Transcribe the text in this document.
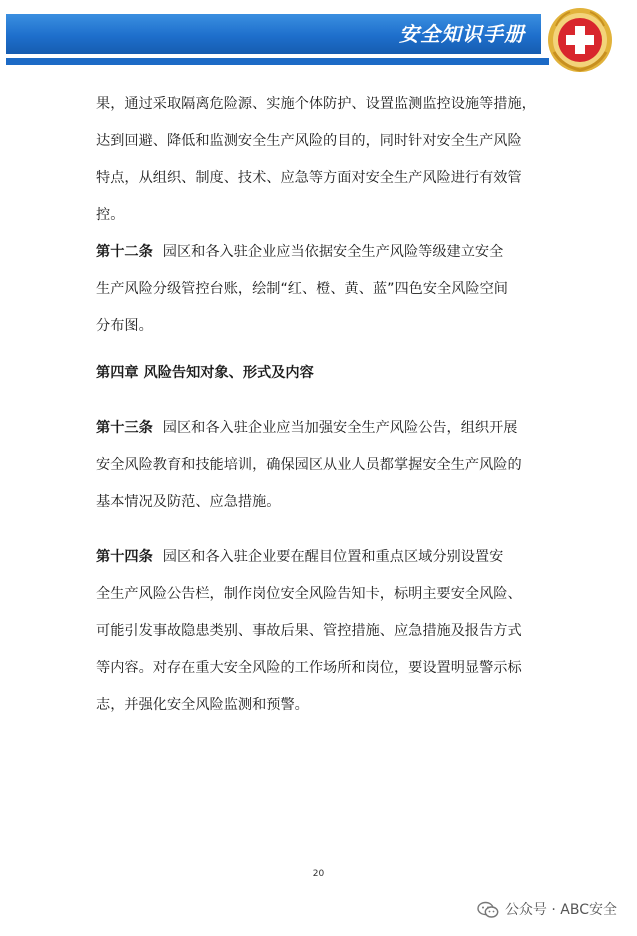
安全知识手册
果，通过采取隔离危险源、实施个体防护、设置监测监控设施等措施，
达到回避、降低和监测安全生产风险的目的，同时针对安全生产风险
特点，从组织、制度、技术、应急等方面对安全生产风险进行有效管
控。
第十二条 园区和各入驻企业应当依据安全生产风险等级建立安全
生产风险分级管控台账，绘制“红、橙、黄、蓝”四色安全风险空间
分布图。
第四章 风险告知对象、形式及内容
第十三条 园区和各入驻企业应当加强安全生产风险公告，组织开展
安全风险教育和技能培训，确保园区从业人员都掌握安全生产风险的
基本情况及防范、应急措施。
第十四条 园区和各入驻企业要在醒目位置和重点区域分别设置安
全生产风险公告栏，制作岗位安全风险告知卡，标明主要安全风险、
可能引发事故隐患类别、事故后果、管控措施、应急措施及报告方式
等内容。对存在重大安全风险的工作场所和岗位，要设置明显警示标
志，并强化安全风险监测和预警。
20
公众号 · ABC安全
